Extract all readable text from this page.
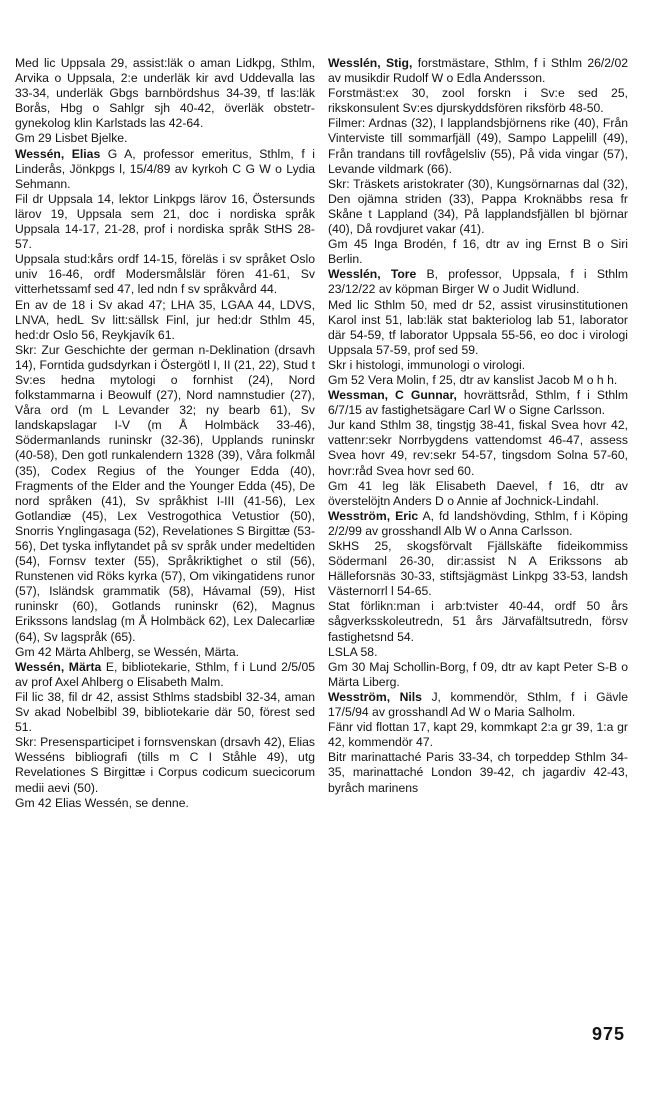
Med lic Uppsala 29, assist:läk o aman Lidkpg, Sthlm, Arvika o Uppsala, 2:e underläk kir avd Uddevalla las 33-34, underläk Gbgs barnbördshus 34-39, tf las:läk Borås, Hbg o Sahlgr sjh 40-42, överläk obstetr-gynekolog klin Karlstads las 42-64.
Gm 29 Lisbet Bjelke.
Wessén, Elias G A, professor emeritus, Sthlm, f i Linderås, Jönkpgs l, 15/4/89 av kyrkoh C G W o Lydia Sehmann.
Fil dr Uppsala 14, lektor Linkpgs lärov 16, Östersunds lärov 19, Uppsala sem 21, doc i nordiska språk Uppsala 14-17, 21-28, prof i nordiska språk StHS 28-57.
Uppsala stud:kårs ordf 14-15, föreläs i sv språket Oslo univ 16-46, ordf Modersmålslär fören 41-61, Sv vitterhetssamf sed 47, led ndn f sv språkvård 44.
En av de 18 i Sv akad 47; LHA 35, LGAA 44, LDVS, LNVA, hedL Sv litt:sällsk Finl, jur hed:dr Sthlm 45, hed:dr Oslo 56, Reykjavík 61.
Skr: Zur Geschichte der german n-Deklination (drsavh 14), Forntida gudsdyrkan i Östergötl I, II (21, 22), Stud t Sv:es hedna mytologi o fornhist (24), Nord folkstammarna i Beowulf (27), Nord namnstudier (27), Våra ord (m L Levander 32; ny bearb 61), Sv landskapslagar I-V (m Å Holmbäck 33-46), Södermanlands runinskr (32-36), Upplands runinskr (40-58), Den gotl runkalendern 1328 (39), Våra folkmål (35), Codex Regius of the Younger Edda (40), Fragments of the Elder and the Younger Edda (45), De nord språken (41), Sv språkhist I-III (41-56), Lex Gotlandiæ (45), Lex Vestrogothica Vetustior (50), Snorris Ynglingasaga (52), Revelationes S Birgittæ (53-56), Det tyska inflytandet på sv språk under medeltiden (54), Fornsv texter (55), Språkriktighet o stil (56), Runstenen vid Röks kyrka (57), Om vikingatidens runor (57), Isländsk grammatik (58), Hávamal (59), Hist runinskr (60), Gotlands runinskr (62), Magnus Erikssons landslag (m Å Holmbäck 62), Lex Dalecarliæ (64), Sv lagspråk (65).
Gm 42 Märta Ahlberg, se Wessén, Märta.
Wessén, Märta E, bibliotekarie, Sthlm, f i Lund 2/5/05 av prof Axel Ahlberg o Elisabeth Malm.
Fil lic 38, fil dr 42, assist Sthlms stadsbibl 32-34, aman Sv akad Nobelbibl 39, bibliotekarie där 50, förest sed 51.
Skr: Presensparticipet i fornsvenskan (drsavh 42), Elias Wesséns bibliografi (tills m C I Ståhle 49), utg Revelationes S Birgittæ i Corpus codicum suecicorum medii aevi (50).
Gm 42 Elias Wessén, se denne.
Wesslén, Stig, forstmästare, Sthlm, f i Sthlm 26/2/02 av musikdir Rudolf W o Edla Andersson.
Forstmäst:ex 30, zool forskn i Sv:e sed 25, rikskonsulent Sv:es djurskyddsfören riksförb 48-50.
Filmer: Ardnas (32), I lapplandsbjörnens rike (40), Från Vinterviste till sommarfjäll (49), Sampo Lappelill (49), Från trandans till rovfågelsliv (55), På vida vingar (57), Levande vildmark (66).
Skr: Träskets aristokrater (30), Kungsörnarnas dal (32), Den ojämna striden (33), Pappa Kroknäbbs resa fr Skåne t Lappland (34), På lapplandsfjällen bl björnar (40), Då rovdjuret vakar (41).
Gm 45 Inga Brodén, f 16, dtr av ing Ernst B o Siri Berlin.
Wesslén, Tore B, professor, Uppsala, f i Sthlm 23/12/22 av köpman Birger W o Judit Widlund.
Med lic Sthlm 50, med dr 52, assist virusinstitutionen Karol inst 51, lab:läk stat bakteriolog lab 51, laborator där 54-59, tf laborator Uppsala 55-56, eo doc i virologi Uppsala 57-59, prof sed 59.
Skr i histologi, immunologi o virologi.
Gm 52 Vera Molin, f 25, dtr av kanslist Jacob M o h h.
Wessman, C Gunnar, hovrättsråd, Sthlm, f i Sthlm 6/7/15 av fastighetsägare Carl W o Signe Carlsson.
Jur kand Sthlm 38, tingstjg 38-41, fiskal Svea hovr 42, vattenr:sekr Norrbygdens vattendomst 46-47, assess Svea hovr 49, rev:sekr 54-57, tingsdom Solna 57-60, hovr:råd Svea hovr sed 60.
Gm 41 leg läk Elisabeth Daevel, f 16, dtr av överstelöjtn Anders D o Annie af Jochnick-Lindahl.
Wesström, Eric A, fd landshövding, Sthlm, f i Köping 2/2/99 av grosshandl Alb W o Anna Carlsson.
SkHS 25, skogsförvalt Fjällskäfte fideikommiss Södermanl 26-30, dir:assist N A Erikssons ab Hälleforsnäs 30-33, stiftsjägmäst Linkpg 33-53, landsh Västernorrl l 54-65.
Stat förlikn:man i arb:tvister 40-44, ordf 50 års sågverksskoleutredn, 51 års Järvafältsutredn, försv fastighetsnd 54.
LSLA 58.
Gm 30 Maj Schollin-Borg, f 09, dtr av kapt Peter S-B o Märta Liberg.
Wesström, Nils J, kommendör, Sthlm, f i Gävle 17/5/94 av grosshandl Ad W o Maria Salholm.
Fänr vid flottan 17, kapt 29, kommkapt 2:a gr 39, 1:a gr 42, kommendör 47.
Bitr marinattaché Paris 33-34, ch torpeddep Sthlm 34-35, marinattaché London 39-42, ch jagardiv 42-43, byråch marinens
975
